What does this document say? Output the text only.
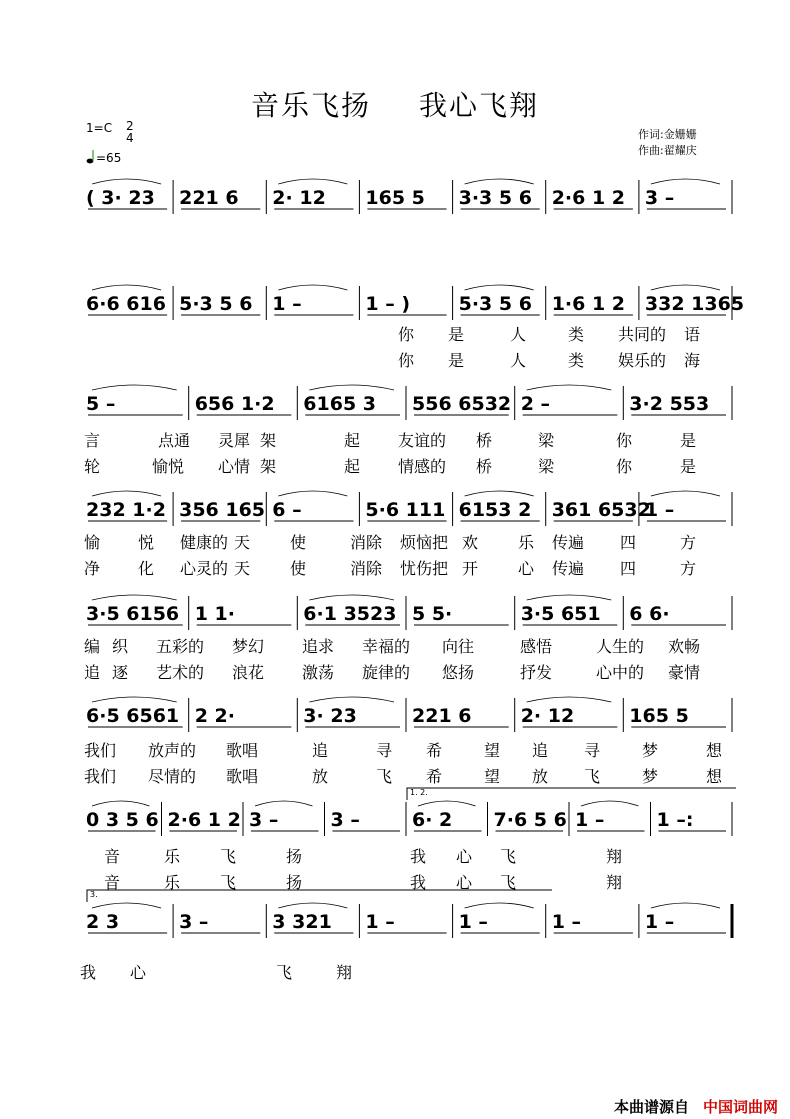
音乐飞扬 我心飞翔
1=C 2
4
=65
作词:金姗姗
作曲:翟耀庆
( 3· 23 221 6 2· 12 165 5 3·3 5 6 2·6 1 2 3 –
6·6 616 5·3 5 6 1 –	1 – )	5·3 5 6 1·6 1 2 332 1365
5 –	656 1·2 6165 3 556 6532 2 –	3·2 553
232 1·2 356 165 6 –	5·6 111 6153 2 361 6532
1 –
3·5 6156 1 1·	6·1 3523 5 5·	3·5 651 6 6·
6·5 6561 2 2·	3· 23	221 6	2· 12	165 5
0 3 5 6 2·6 1 2 3 –	3 –	6· 2 7·6 5 6 1 –	1 –:
2 3	3 –	3 321 1 –	1 –	1 –	1 –
本曲谱源自 中国词曲网
1. 2.
3.
你 是	人	类 共同的 语
你 是	人	类 娱乐的 海
言	点通 灵犀 架	起 友谊的 桥	梁	你	是
轮	愉悦 心情 架	起 情感的 桥	梁	你	是
愉 悦 健康的 天 使	消除 烦恼把 欢 乐 传遍 四	方
净 化 心灵的 天 使	消除 忧伤把 开 心 传遍 四	方
编 织 五彩的 梦幻 追求 幸福的 向往	感悟	人生的 欢畅
追 逐 艺术的 浪花 激荡 旋律的 悠扬	抒发	心中的 豪情
我们 放声的 歌唱	追	寻 希	望 追 寻	梦	想
我们 尽情的 歌唱	放	飞 希	望 放 飞	梦	想
音	乐 飞	扬	我 心 飞	翔
音	乐 飞	扬	我 心 飞	翔
我 心	飞	翔
